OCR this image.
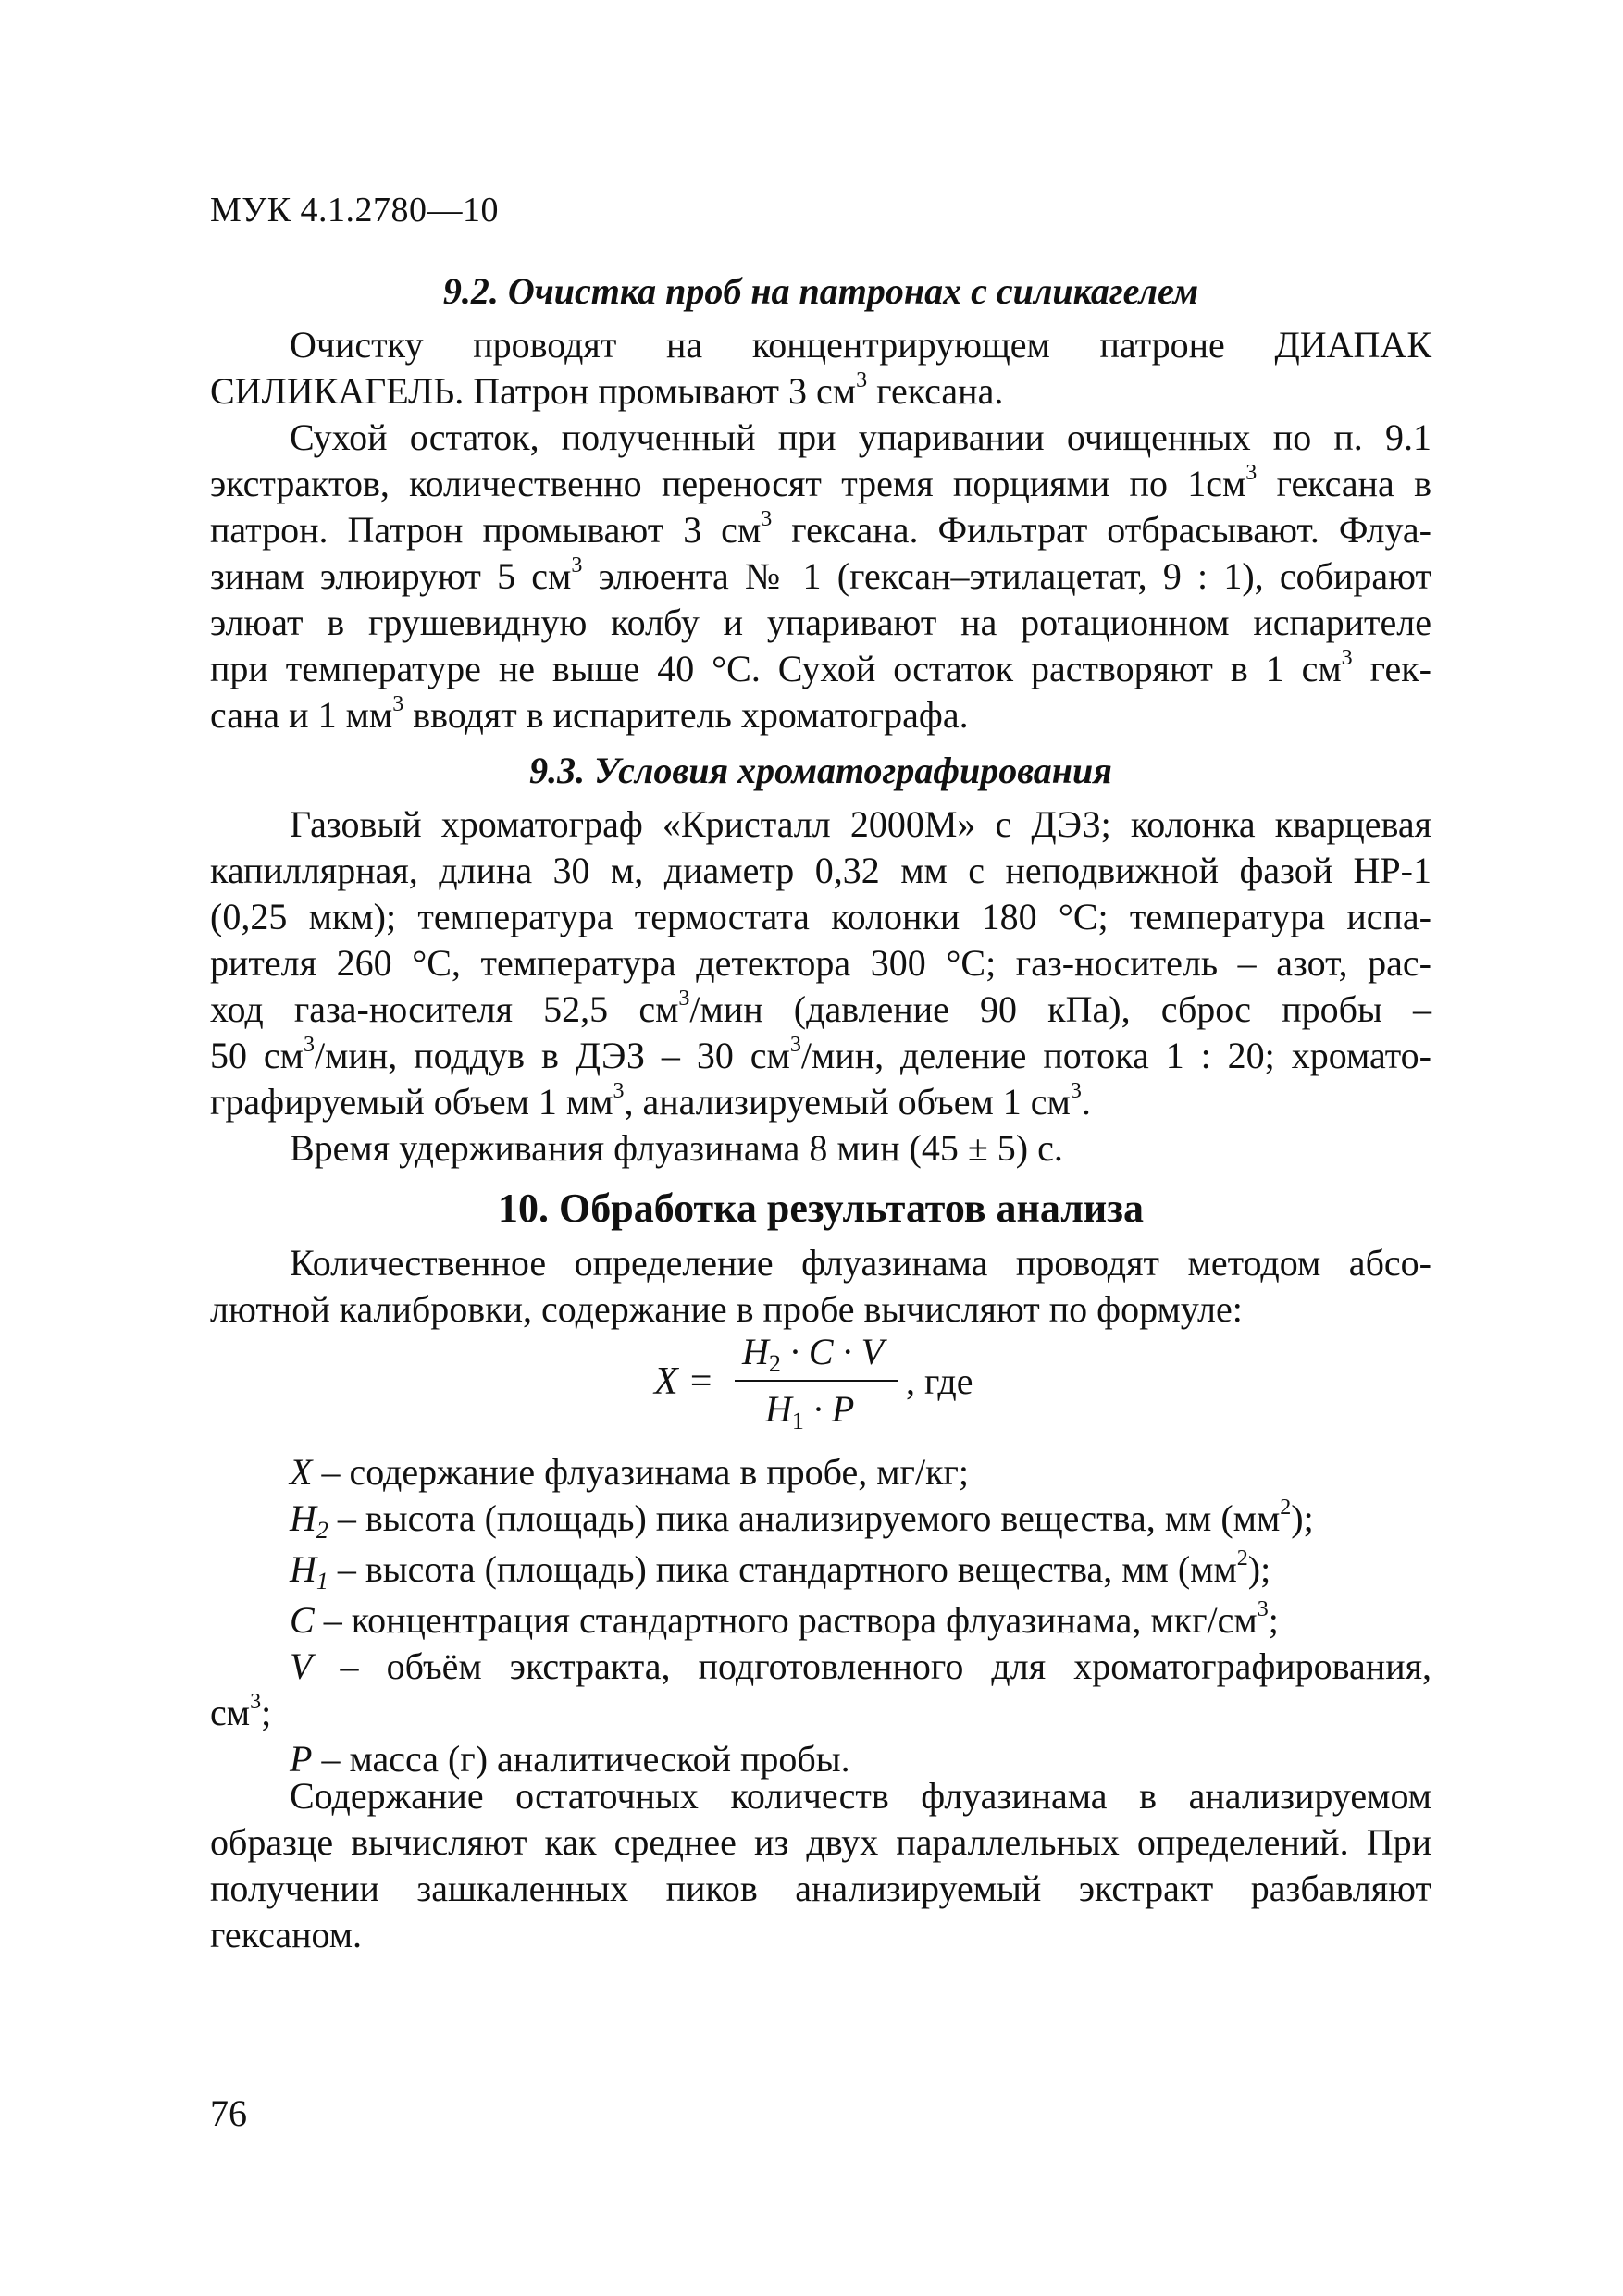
МУК 4.1.2780—10
9.2. Очистка проб на патронах с силикагелем
Очистку проводят на концентрирующем патроне ДИАПАК
СИЛИКАГЕЛЬ. Патрон промывают 3 $см^3$ гексана.
Сухой остаток, полученный при упаривании очищенных по п. 9.1
экстрактов, количественно переносят тремя порциями по $1см^3$ гексана в
патрон. Патрон промывают 3 $см^3$ гексана. Фильтрат отбрасывают. Флуа-
зинам элюируют 5 $см^3$ элюента № 1 (гексан–этилацетат, 9 : 1), собирают
элюат в грушевидную колбу и упаривают на ротационном испарителе
при температуре не выше 40 °С. Сухой остаток растворяют в 1 $см^3$ гек-
сана и 1 $мм^3$ вводят в испаритель хроматографа.
9.3. Условия хроматографирования
Газовый хроматограф «Кристалл 2000М» с ДЭЗ; колонка кварцевая
капиллярная, длина 30 м, диаметр 0,32 мм с неподвижной фазой НР-1
(0,25 мкм); температура термостата колонки 180 °С; температура испа-
рителя 260 °С, температура детектора 300 °С; газ-носитель – азот, рас-
ход газа-носителя 52,5 $см^3$/мин (давление 90 кПа), сброс пробы –
50 $см^3$/мин, поддув в ДЭЗ – 30 $см^3$/мин, деление потока 1 : 20; хромато-
графируемый объем 1 $мм^3$, анализируемый объем 1 $см^3$.
Время удерживания флуазинама 8 мин (45 ± 5) с.
10. Обработка результатов анализа
Количественное определение флуазинама проводят методом абсо-
лютной калибровки, содержание в пробе вычисляют по формуле:
X =
$H_2 \cdot C \cdot V$
$H_1 \cdot P$
, где
X – содержание флуазинама в пробе, мг/кг;
$H_2$ – высота (площадь) пика анализируемого вещества, мм $(мм^2)$;
$H_1$ – высота (площадь) пика стандартного вещества, мм $(мм^2)$;
C – концентрация стандартного раствора флуазинама, мкг/$см^3$;
V – объём экстракта, подготовленного для хроматографирования,
$см^3$;
P – масса (г) аналитической пробы.
Содержание остаточных количеств флуазинама в анализируемом
образце вычисляют как среднее из двух параллельных определений. При
получении зашкаленных пиков анализируемый экстракт разбавляют
гексаном.
76
